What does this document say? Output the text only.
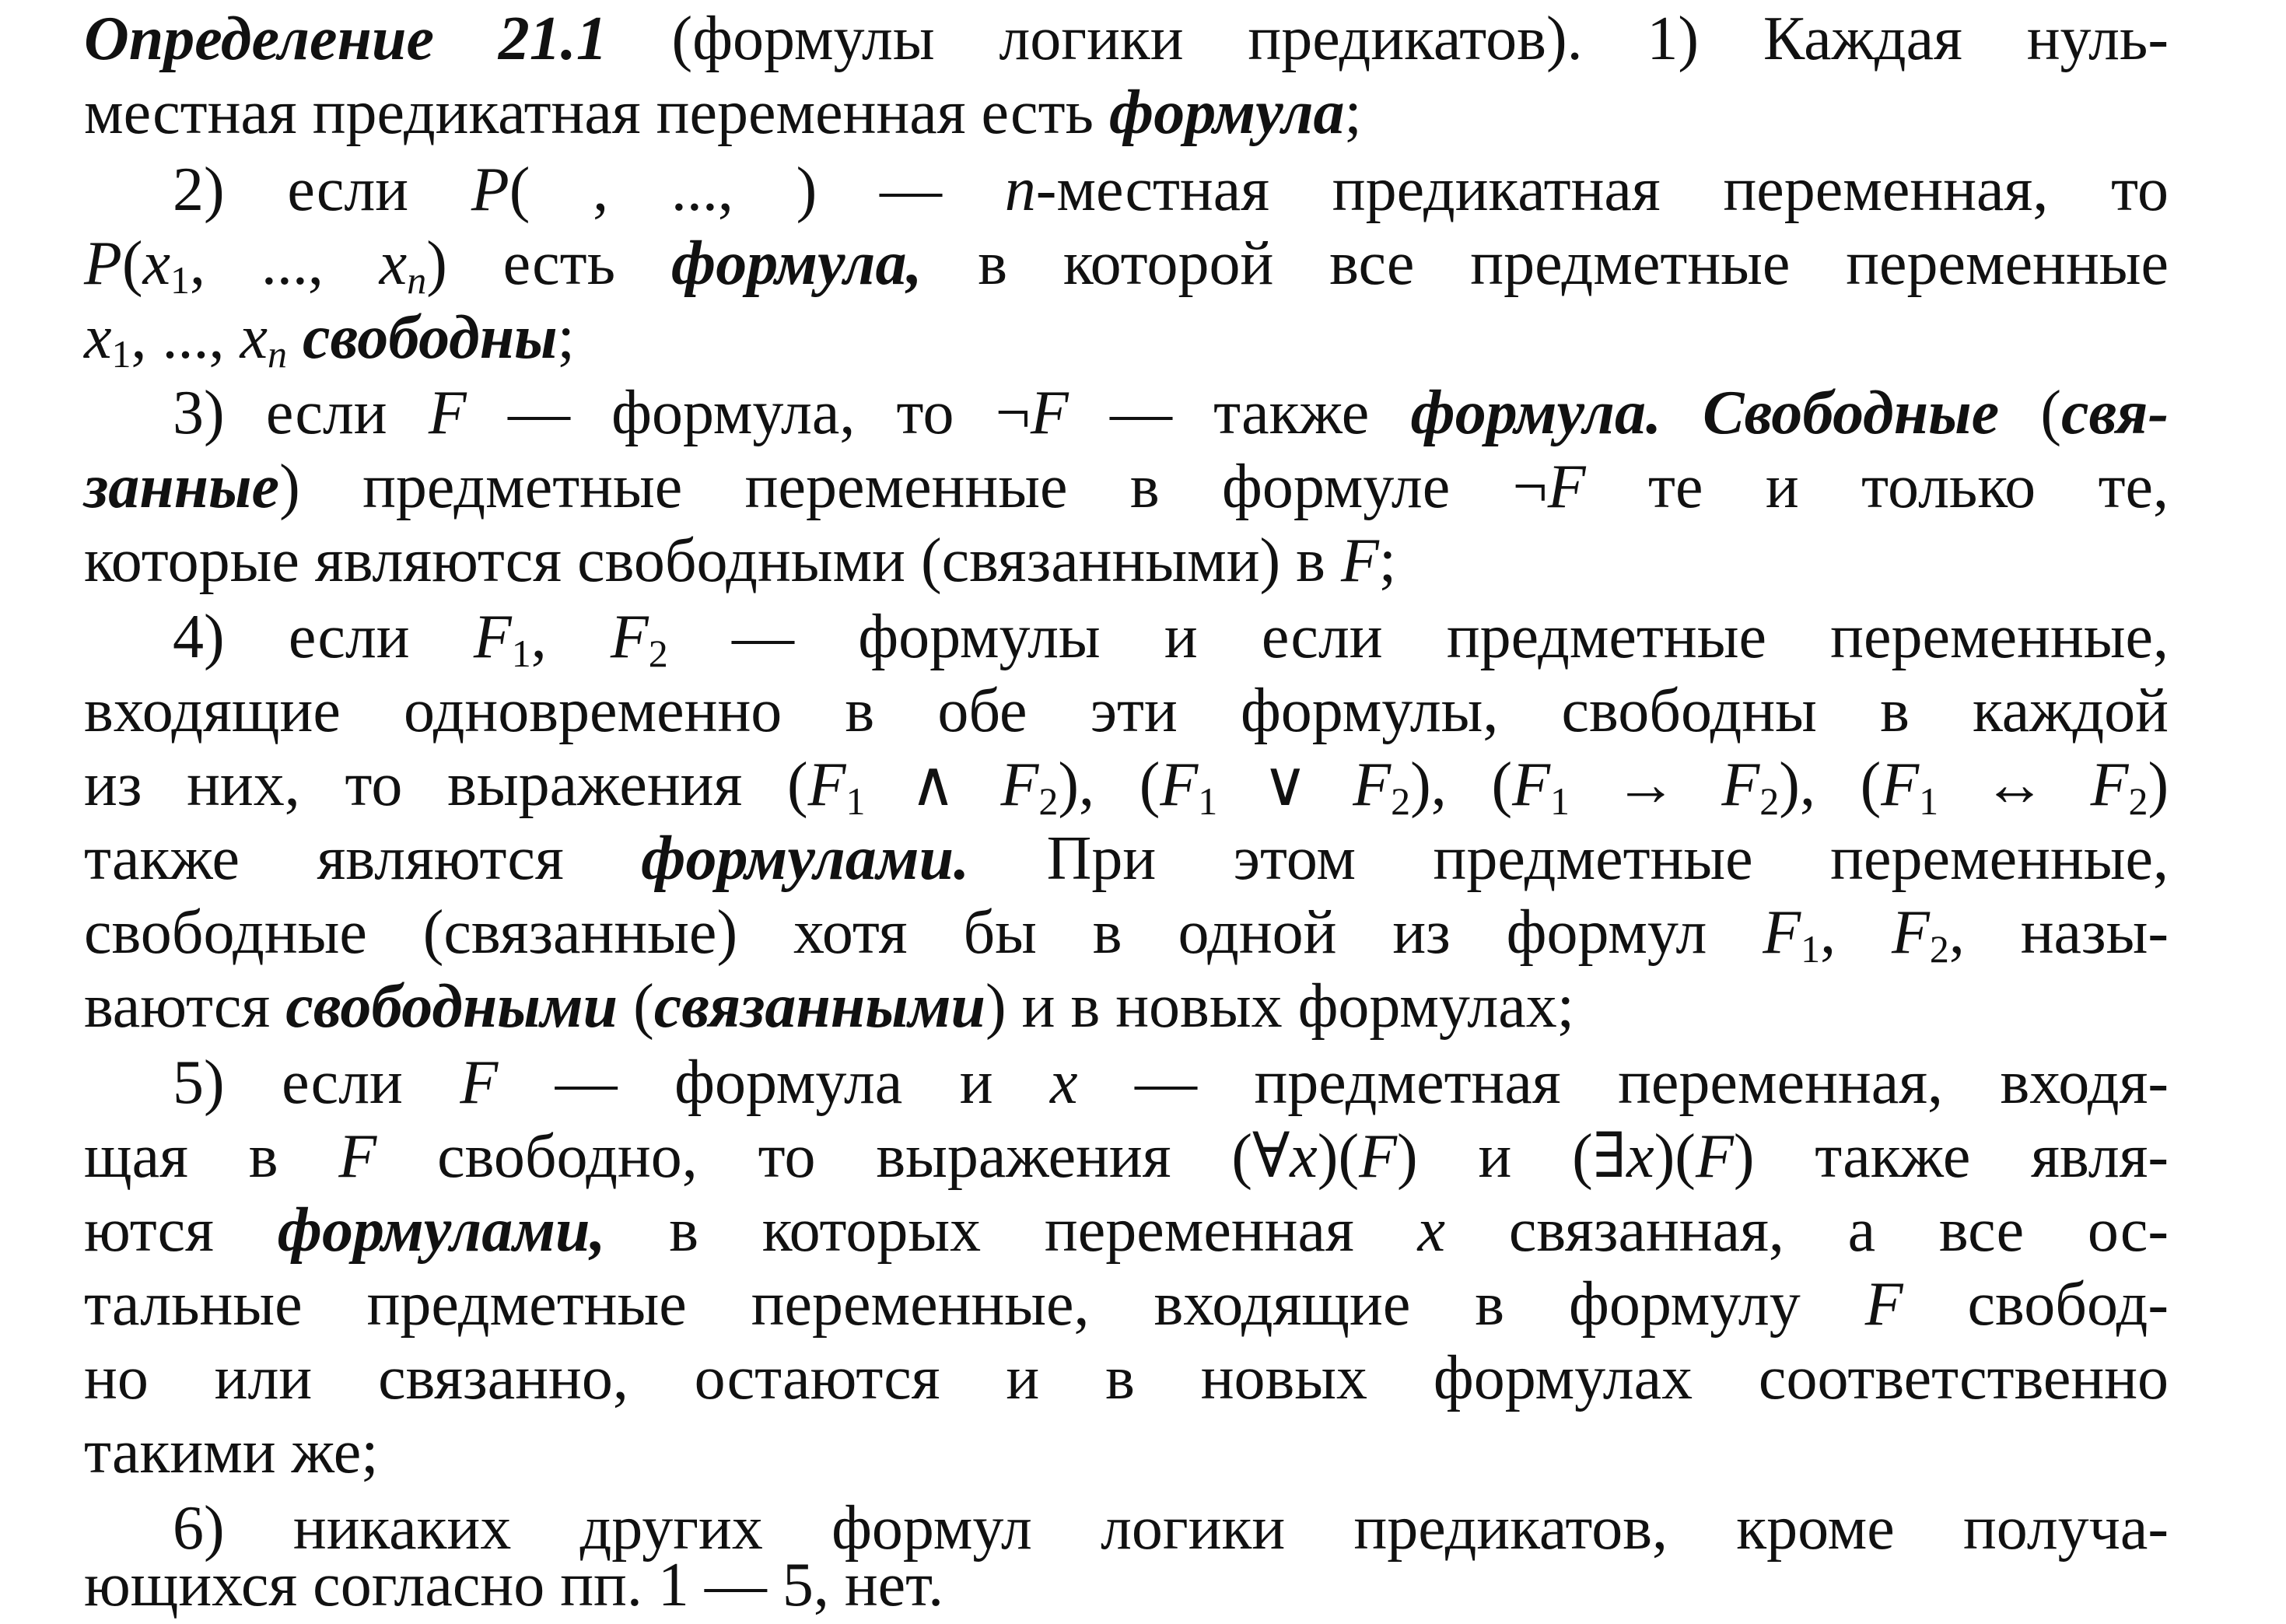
Определение 21.1 (формулы логики предикатов). 1) Каждая нуль-
местная предикатная переменная есть формула;
2) если P( , ..., ) — n-местная предикатная переменная, то
P(x1, ..., xn) есть формула, в которой все предметные переменные
x1, ..., xn свободны;
3) если F — формула, то ¬F — также формула. Свободные (свя-
занные) предметные переменные в формуле ¬F те и только те,
которые являются свободными (связанными) в F;
4) если F1, F2 — формулы и если предметные переменные,
входящие одновременно в обе эти формулы, свободны в каждой
из них, то выражения (F1 ∧ F2), (F1 ∨ F2), (F1 → F2), (F1 ↔ F2)
также являются формулами. При этом предметные переменные,
свободные (связанные) хотя бы в одной из формул F1, F2, назы-
ваются свободными (связанными) и в новых формулах;
5) если F — формула и x — предметная переменная, входя-
щая в F свободно, то выражения (∀x)(F) и (∃x)(F) также явля-
ются формулами, в которых переменная x связанная, а все ос-
тальные предметные переменные, входящие в формулу F свобод-
но или связанно, остаются и в новых формулах соответственно
такими же;
6) никаких других формул логики предикатов, кроме получа-
ющихся согласно пп. 1 — 5, нет.
